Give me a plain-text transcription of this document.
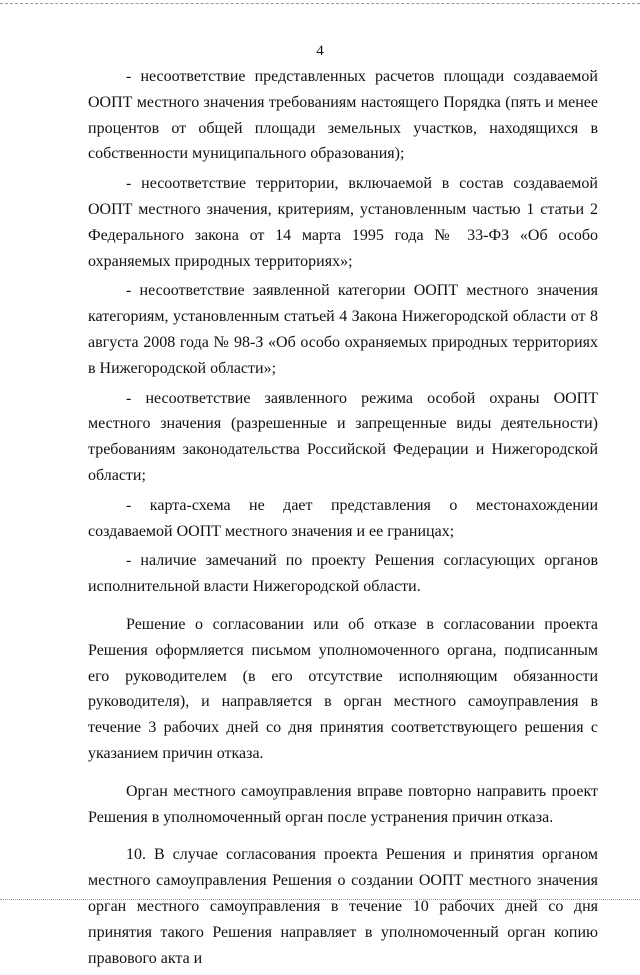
4

- несоответствие представленных расчетов площади создаваемой ООПТ местного значения требованиям настоящего Порядка (пять и менее процентов от общей площади земельных участков, находящихся в собственности муниципального образования);

- несоответствие территории, включаемой в состав создаваемой ООПТ местного значения, критериям, установленным частью 1 статьи 2 Федерального закона от 14 марта 1995 года № 33-ФЗ «Об особо охраняемых природных территориях»;

- несоответствие заявленной категории ООПТ местного значения категориям, установленным статьей 4 Закона Нижегородской области от 8 августа 2008 года № 98-З «Об особо охраняемых природных территориях в Нижегородской области»;

- несоответствие заявленного режима особой охраны ООПТ местного значения (разрешенные и запрещенные виды деятельности) требованиям законодательства Российской Федерации и Нижегородской области;

- карта-схема не дает представления о местонахождении создаваемой ООПТ местного значения и ее границах;

- наличие замечаний по проекту Решения согласующих органов исполнительной власти Нижегородской области.

Решение о согласовании или об отказе в согласовании проекта Решения оформляется письмом уполномоченного органа, подписанным его руководителем (в его отсутствие исполняющим обязанности руководителя), и направляется в орган местного самоуправления в течение 3 рабочих дней со дня принятия соответствующего решения с указанием причин отказа.

Орган местного самоуправления вправе повторно направить проект Решения в уполномоченный орган после устранения причин отказа.

10. В случае согласования проекта Решения и принятия органом местного самоуправления Решения о создании ООПТ местного значения орган местного самоуправления в течение 10 рабочих дней со дня принятия такого Решения направляет в уполномоченный орган копию правового акта и
